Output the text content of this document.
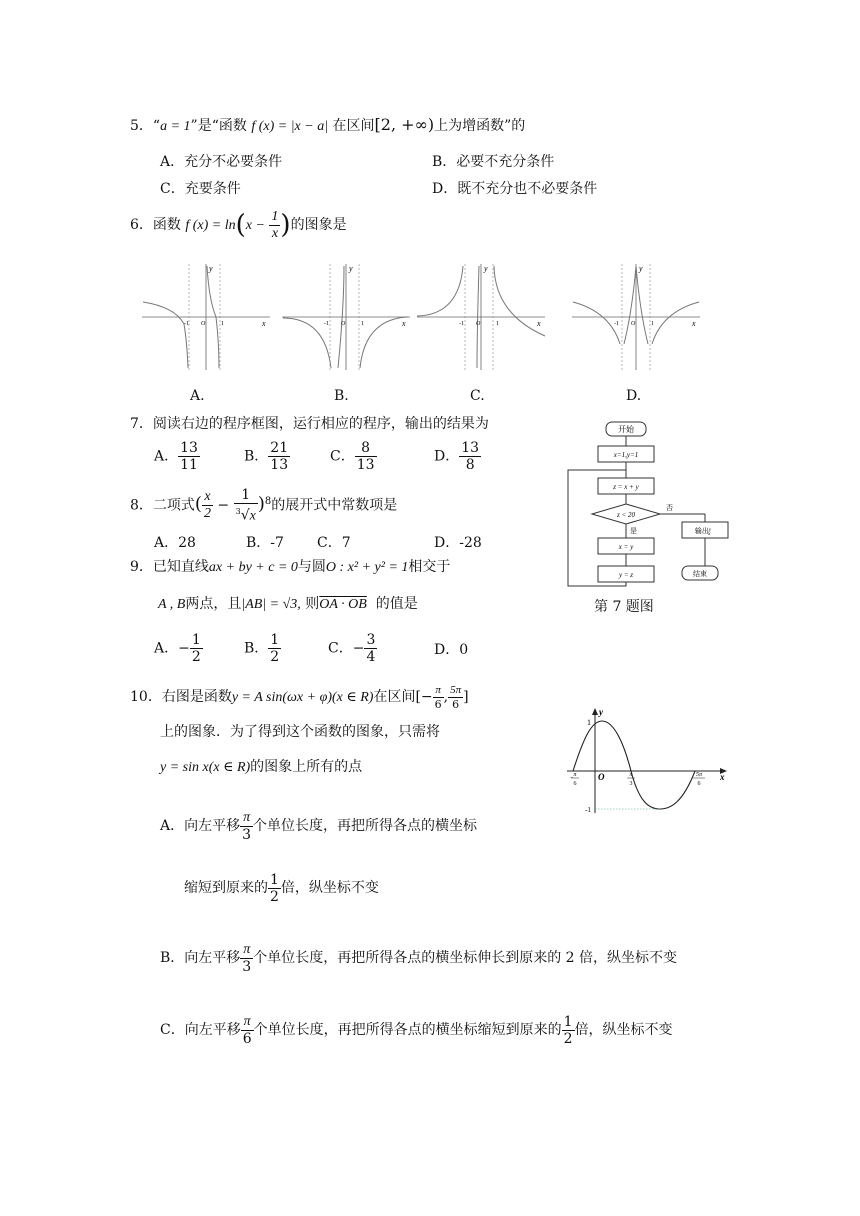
5．“a = 1”是“函数 f (x) = |x − a| 在区间[2, +∞)上为增函数”的
A．充分不必要条件	B．必要不充分条件
C．充要条件	D．既不充分也不必要条件
6．函数 f $(x) = \ln(x - \frac{1}{x}$ )的图象是
x
y
-1 O	1
A.
x
y
-1 O	1
B.
x
y
-1 O	1
C.
x
y
-1 O	1
D.
7．阅读右边的程序框图，运行相应的程序，输出的结果为
A． $\frac{13}{11}$	B． $\frac{21}{13}$	C． $\frac{8}{13}$	D． $\frac{13}{8}$
开始
x=1,y=1
z = x + y
z < 20
否
输出$^y$ x
结束
是
x = y
y = z
第 7 题图
8．二项式( $\frac{x}{2} - \frac{1}{^3√x} )^8$的展开式中常数项是
A．28	B．-7 C．7	D．-28
9．已知直线ax + by + c = 0与圆O : x² + y² = 1相交于
A , B两点，且|AB| = √3, 则OA · OB 的值是
A．− $\frac{1}{2}$	B． $\frac{1}{2}$	C．− $\frac{3}{4}$	D．0
10．右图是函数y = A sin(ωx + φ)(x ∈ R)在区间[− $\frac{\pi}{6}$ , $\frac{5\pi}{6}$ ]
上的图象．为了得到这个函数的图象，只需将
y = sin x(x ∈ R)的图象上所有的点
y
x
1
O
-1
π
6
−	π
3
5π
6
A．向左平移 $\frac{\pi}{3}$ 个单位长度，再把所得各点的横坐标
缩短到原来的 $\frac{1}{2}$ 倍，纵坐标不变
B．向左平移 $\frac{\pi}{3}$ 个单位长度，再把所得各点的横坐标伸长到原来的 2 倍，纵坐标不变
C．向左平移 $\frac{\pi}{6}$ 个单位长度，再把所得各点的横坐标缩短到原来的 $\frac{1}{2}$ 倍，纵坐标不变
